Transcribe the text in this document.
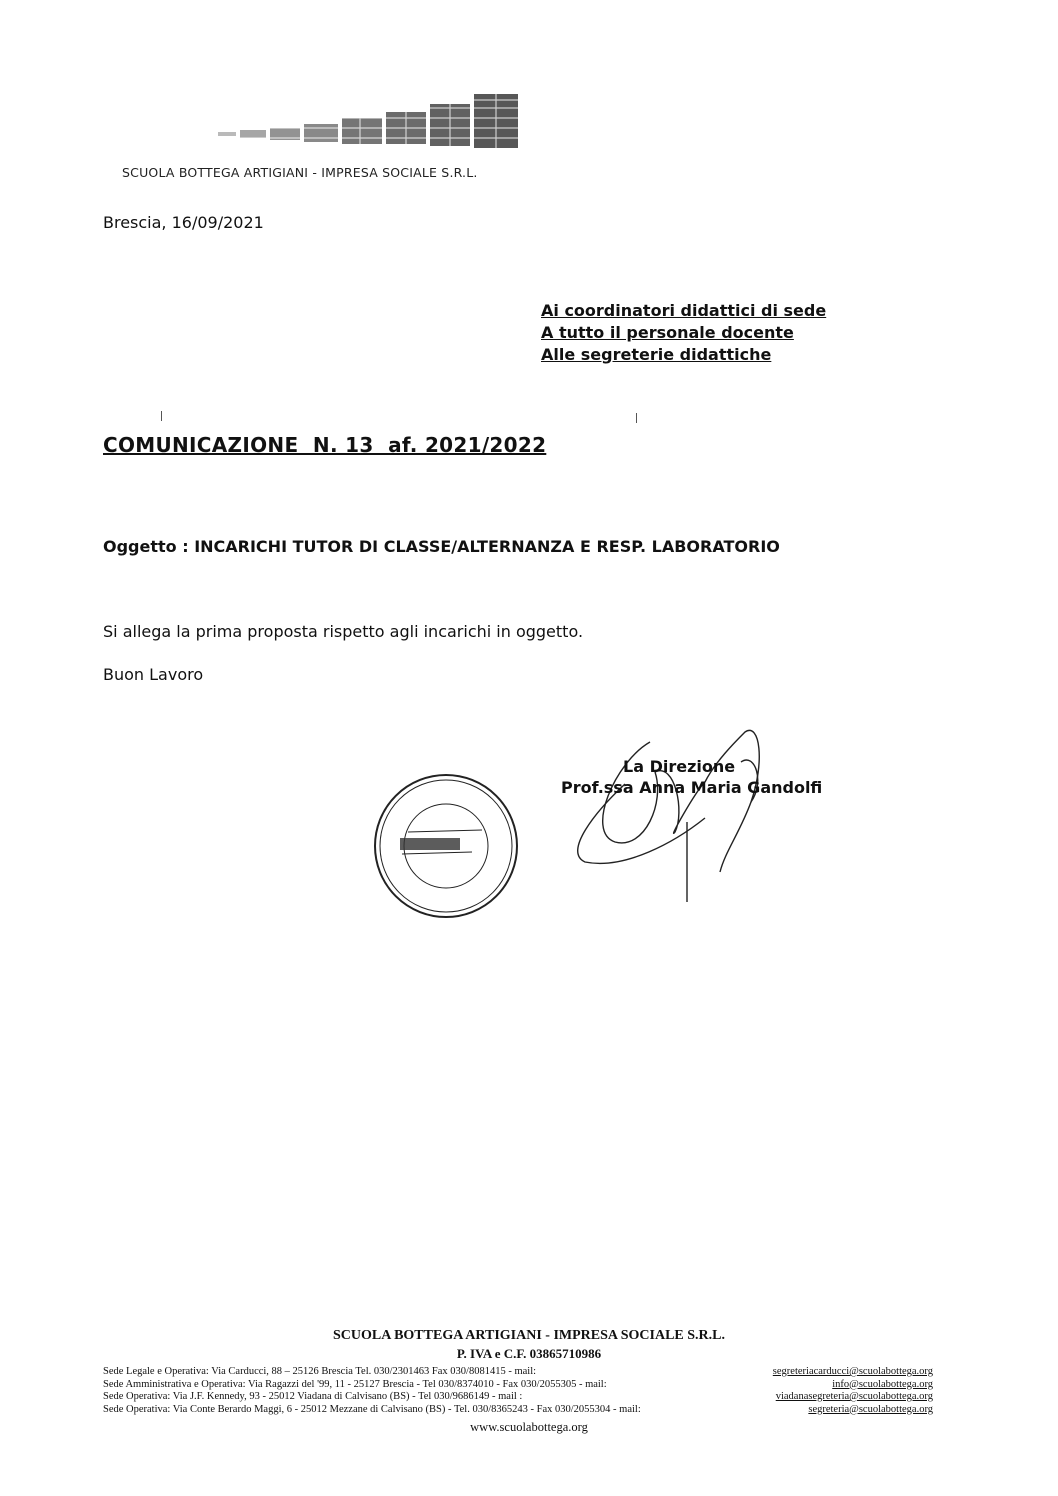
SCUOLA BOTTEGA ARTIGIANI - IMPRESA SOCIALE S.R.L.
Brescia, 16/09/2021
Ai coordinatori didattici di sede
A tutto il personale docente
Alle segreterie didattiche
COMUNICAZIONE  N. 13  af. 2021/2022
Oggetto : INCARICHI TUTOR DI CLASSE/ALTERNANZA E RESP. LABORATORIO
Si allega la prima proposta rispetto agli incarichi in oggetto.
Buon Lavoro
La Direzione
Prof.ssa Anna Maria Gandolfi
SCUOLA BOTTEGA ARTIGIANI - IMPRESA SOCIALE S.R.L.
P. IVA e C.F. 03865710986
Sede Legale e Operativa: Via Carducci, 88 – 25126 Brescia Tel. 030/2301463 Fax 030/8081415 - mail:	segreteriacarducci@scuolabottega.org
Sede Amministrativa e Operativa: Via Ragazzi del '99, 11 - 25127 Brescia - Tel 030/8374010 - Fax 030/2055305 - mail:	info@scuolabottega.org
Sede Operativa: Via J.F. Kennedy, 93 - 25012 Viadana di Calvisano (BS) - Tel 030/9686149 - mail :	viadanasegreteria@scuolabottega.org
Sede Operativa: Via Conte Berardo Maggi, 6 - 25012 Mezzane di Calvisano (BS) - Tel. 030/8365243 - Fax 030/2055304 - mail:	segreteria@scuolabottega.org
www.scuolabottega.org
